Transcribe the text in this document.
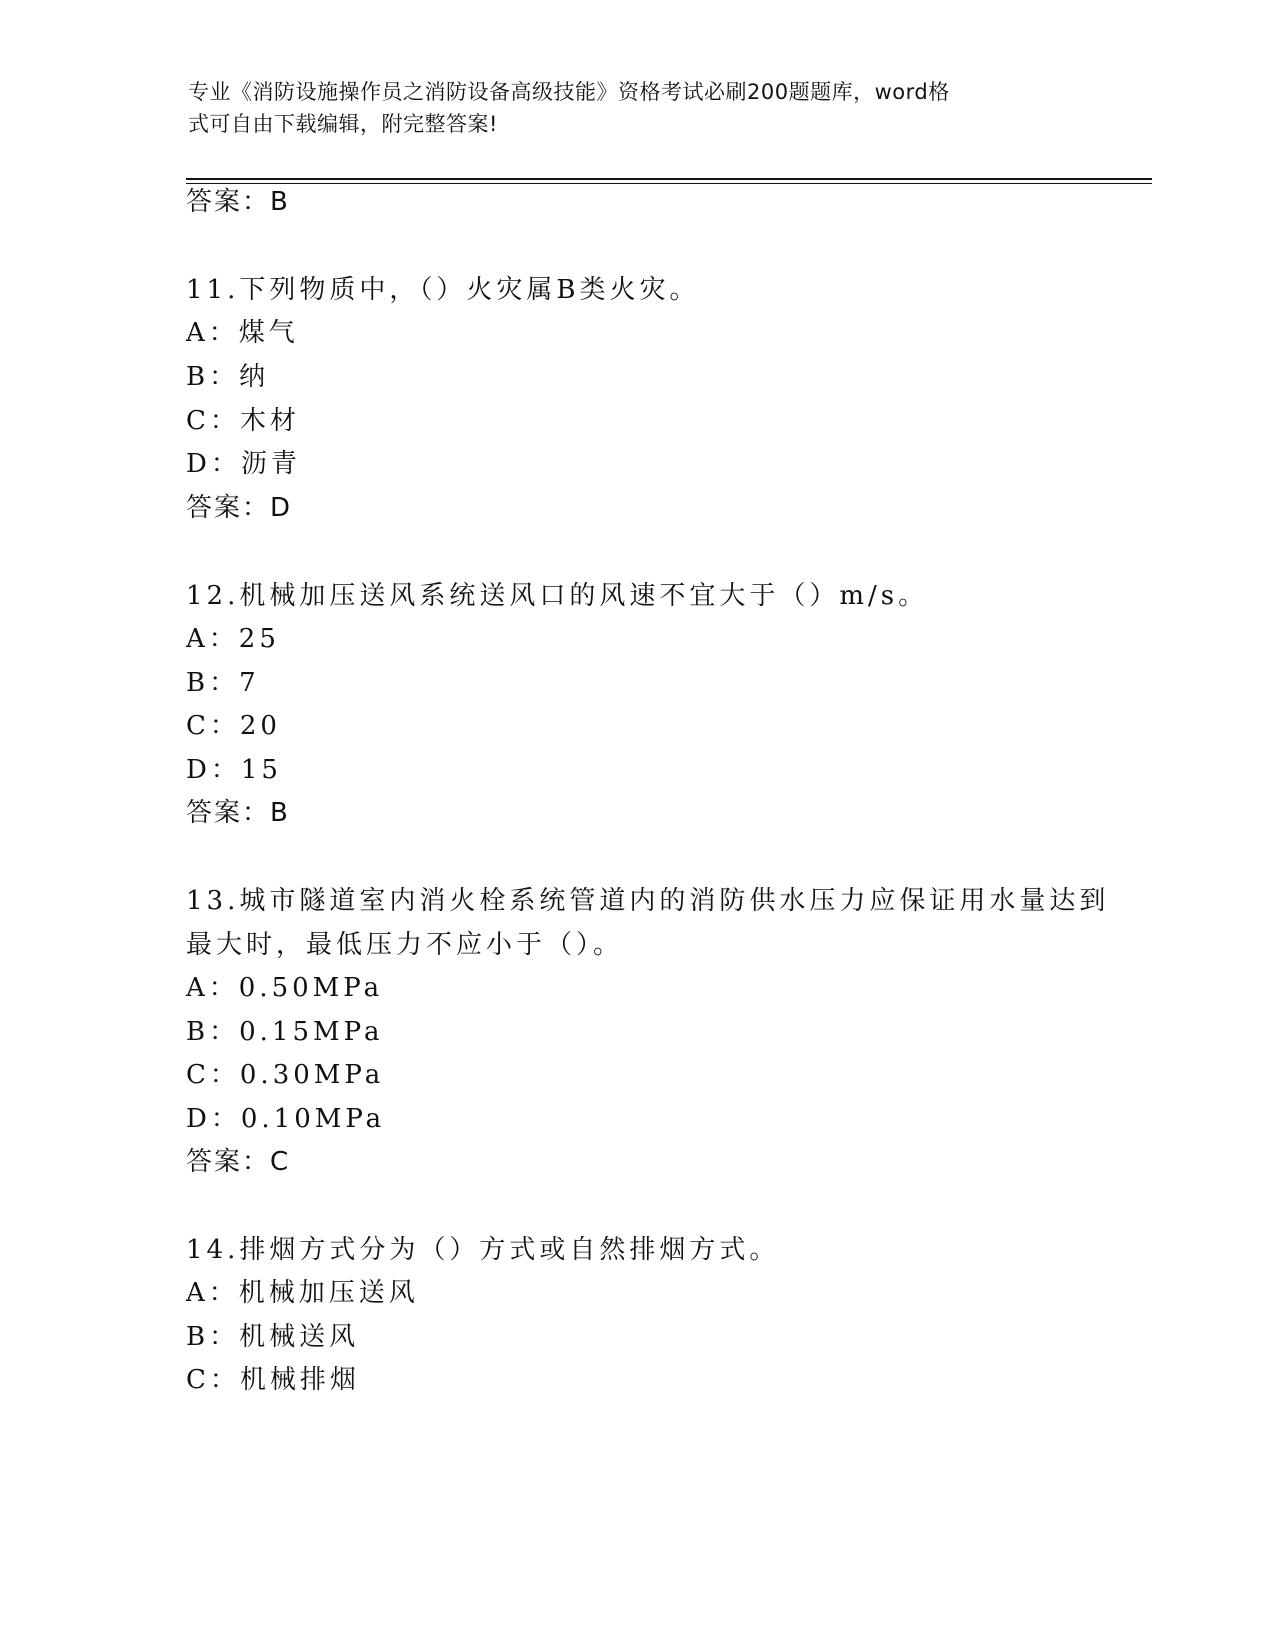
专业《消防设施操作员之消防设备高级技能》资格考试必刷200题题库，word格
式可自由下载编辑，附完整答案!
答案：B
11.下列物质中，（）火灾属B类火灾。
A：煤气
B：纳
C：木材
D：沥青
答案：D
12.机械加压送风系统送风口的风速不宜大于（）m/s。
A：25
B：7
C：20
D：15
答案：B
13.城市隧道室内消火栓系统管道内的消防供水压力应保证用水量达到
最大时，最低压力不应小于（）。
A：0.50MPa
B：0.15MPa
C：0.30MPa
D：0.10MPa
答案：C
14.排烟方式分为（）方式或自然排烟方式。
A：机械加压送风
B：机械送风
C：机械排烟
